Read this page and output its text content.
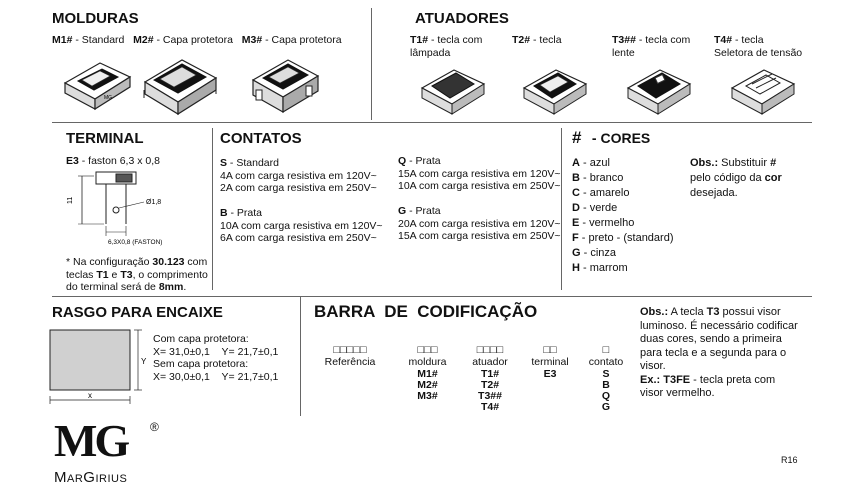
MOLDURAS
M1# - Standard M2# - Capa protetora M3# - Capa protetora
MG
ATUADORES
T1# - tecla com
lâmpada
T2# - tecla	T3## - tecla com
lente
T4# - tecla
Seletora de tensão
TERMINAL
E3 - faston 6,3 x 0,8
11	Ø1,8
6,3X0,8 (FASTON)
* Na configuração 30.123 com teclas T1 e T3, o comprimento do terminal será de 8mm.
CONTATOS
S - Standard
4A com carga resistiva em 120V~
2A com carga resistiva em 250V~
B - Prata
10A com carga resistiva em 120V~
6A com carga resistiva em 250V~
Q - Prata
15A com carga resistiva em 120V~
10A com carga resistiva em 250V~
G - Prata
20A com carga resistiva em 120V~
15A com carga resistiva em 250V~
# - CORES
A - azul
B - branco
C - amarelo
D - verde
E - vermelho
F - preto - (standard)
G - cinza
H - marrom
Obs.: Substituir #
pelo código da cor
desejada.
RASGO PARA ENCAIXE
Y
x
Com capa protetora:
X= 31,0±0,1 Y= 21,7±0,1
Sem capa protetora:
X= 30,0±0,1 Y= 21,7±0,1
BARRA  DE  CODIFICAÇÃO
□□□□□
Referência
□□□
moldura
M1#
M2#
M3#
□□□□
atuador
T1#
T2#
T3##
T4#
□□
terminal
E3
□
contato
S
B
Q
G
Obs.: A tecla T3 possui visor luminoso. É necessário codificar duas cores, sendo a primeira para tecla e a segunda para o visor.
Ex.: T3FE - tecla preta com visor vermelho.
MG ®
MarGirius
R16
